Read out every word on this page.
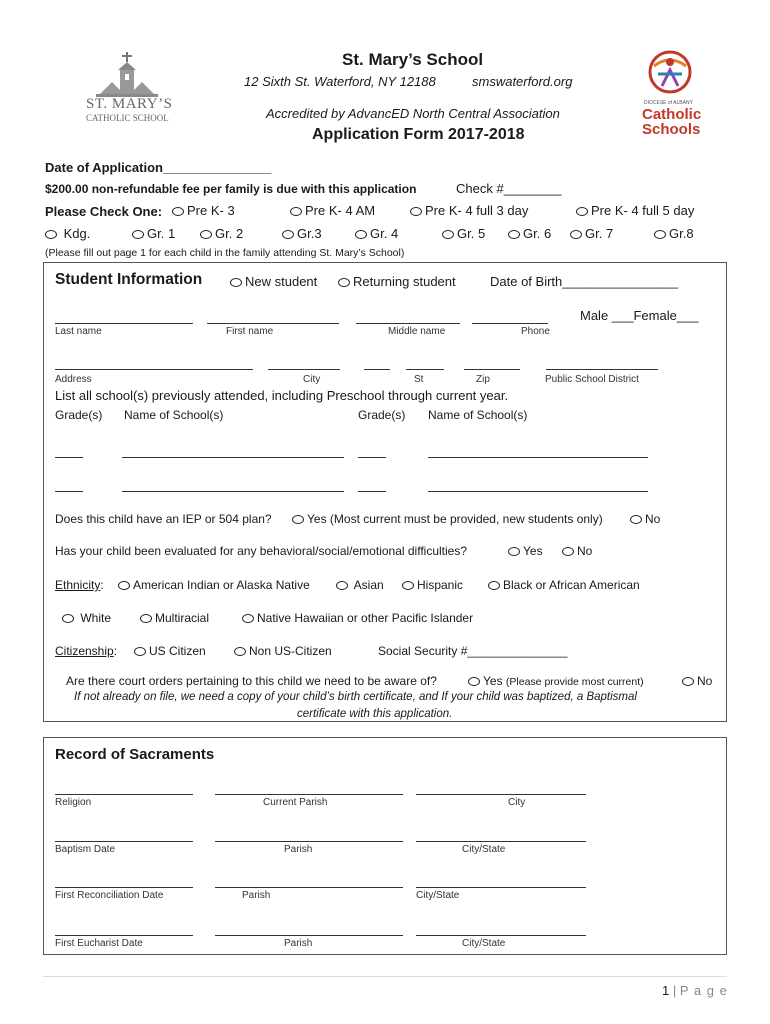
ST. MARY’S
CATHOLIC SCHOOL
St. Mary’s School
12 Sixth St. Waterford, NY 12188	smswaterford.org
Accredited by AdvancED North Central Association
Application Form 2017-2018
DIOCESE of ALBANY
Catholic
Schools
Date of Application_______________
$200.00 non-refundable fee per family is due with this application	Check #________
Please Check One:	Pre K- 3	Pre K- 4 AM	Pre K- 4 full 3 day	Pre K- 4 full 5 day
Kdg.	Gr. 1	Gr. 2	Gr.3	Gr. 4	Gr. 5	Gr. 6	Gr. 7	Gr.8
(Please fill out page 1 for each child in the family attending St. Mary’s School)
Student Information	New student	Returning student	Date of Birth________________
Male ___Female___
Last name	First name	Middle name	Phone
Address	City	St	Zip	Public School District
List all school(s) previously attended, including Preschool through current year.
Grade(s) Name of School(s)	Grade(s) Name of School(s)
Does this child have an IEP or 504 plan?	Yes (Most current must be provided, new students only)	No
Has your child been evaluated for any behavioral/social/emotional difficulties?	Yes	No
Ethnicity:	American Indian or Alaska Native	Asian	Hispanic	Black or African American
White	Multiracial	Native Hawaiian or other Pacific Islander
Citizenship:	US Citizen	Non US-Citizen	Social Security #_______________
Are there court orders pertaining to this child we need to be aware of?	Yes (Please provide most current)	No
If not already on file, we need a copy of your child’s birth certificate, and If your child was baptized, a Baptismal
certificate with this application.
Record of Sacraments
Religion	Current Parish	City
Baptism Date	Parish	City/State
First Reconciliation Date	Parish	City/State
First Eucharist Date	Parish	City/State
1 | P a g e
